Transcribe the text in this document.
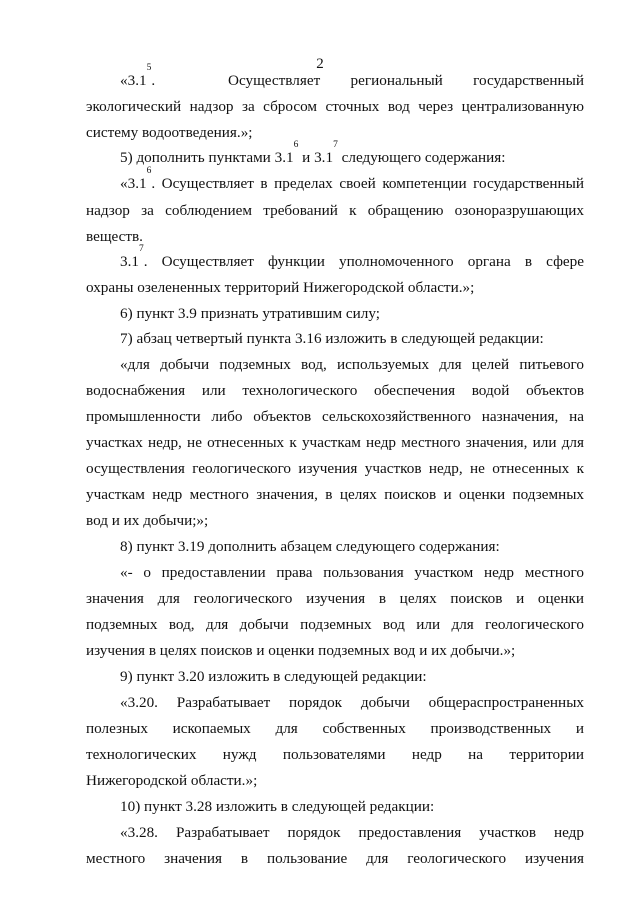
2
«$3.1^5$.	Осуществляет региональный государственный
экологический надзор за сбросом сточных вод через централизованную
систему водоотведения.»;
5) дополнить пунктами $3.1^6$ и $3.1^7$ следующего содержания:
«$3.1^6$. Осуществляет в пределах своей компетенции государственный
надзор за соблюдением требований к обращению озоноразрушающих
веществ.
$3.1^7$. Осуществляет функции уполномоченного органа в сфере
охраны озелененных территорий Нижегородской области.»;
6) пункт 3.9 признать утратившим силу;
7) абзац четвертый пункта 3.16 изложить в следующей редакции:
«для добычи подземных вод, используемых для целей питьевого
водоснабжения или технологического обеспечения водой объектов
промышленности либо объектов сельскохозяйственного назначения, на
участках недр, не отнесенных к участкам недр местного значения, или для
осуществления геологического изучения участков недр, не отнесенных к
участкам недр местного значения, в целях поисков и оценки подземных
вод и их добычи;»;
8) пункт 3.19 дополнить абзацем следующего содержания:
«- о предоставлении права пользования участком недр местного
значения для геологического изучения в целях поисков и оценки
подземных вод, для добычи подземных вод или для геологического
изучения в целях поисков и оценки подземных вод и их добычи.»;
9) пункт 3.20 изложить в следующей редакции:
«3.20. Разрабатывает порядок добычи общераспространенных
полезных ископаемых для собственных производственных и
технологических нужд пользователями недр на территории
Нижегородской области.»;
10) пункт 3.28 изложить в следующей редакции:
«3.28. Разрабатывает порядок предоставления участков недр
местного значения в пользование для геологического изучения
